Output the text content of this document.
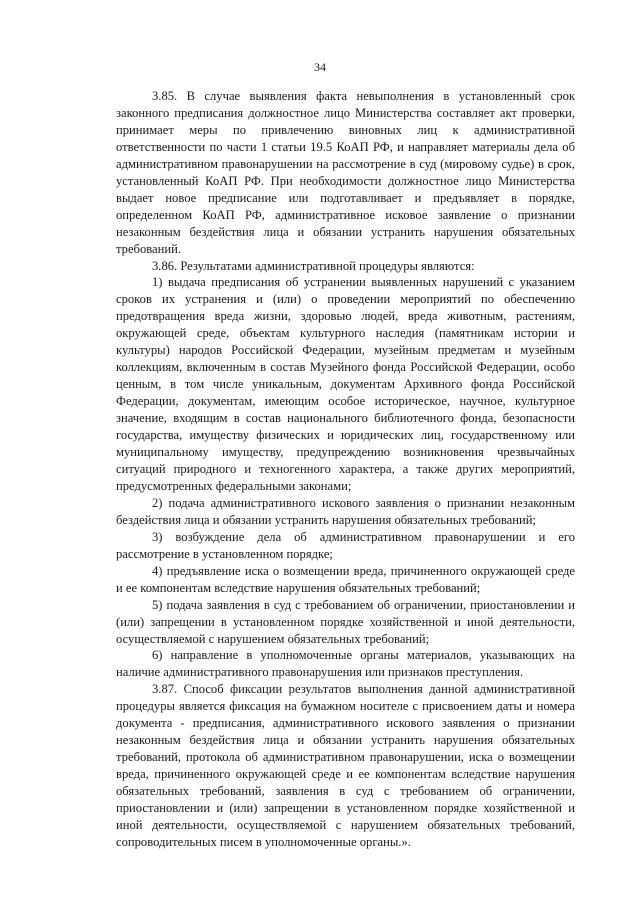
34

3.85. В случае выявления факта невыполнения в установленный срок законного предписания должностное лицо Министерства составляет акт проверки, принимает меры по привлечению виновных лиц к административной ответственности по части 1 статьи 19.5 КоАП РФ, и направляет материалы дела об административном правонарушении на рассмотрение в суд (мировому судье) в срок, установленный КоАП РФ. При необходимости должностное лицо Министерства выдает новое предписание или подготавливает и предъявляет в порядке, определенном КоАП РФ, административное исковое заявление о признании незаконным бездействия лица и обязании устранить нарушения обязательных требований.

3.86. Результатами административной процедуры являются:

1) выдача предписания об устранении выявленных нарушений с указанием сроков их устранения и (или) о проведении мероприятий по обеспечению предотвращения вреда жизни, здоровью людей, вреда животным, растениям, окружающей среде, объектам культурного наследия (памятникам истории и культуры) народов Российской Федерации, музейным предметам и музейным коллекциям, включенным в состав Музейного фонда Российской Федерации, особо ценным, в том числе уникальным, документам Архивного фонда Российской Федерации, документам, имеющим особое историческое, научное, культурное значение, входящим в состав национального библиотечного фонда, безопасности государства, имуществу физических и юридических лиц, государственному или муниципальному имуществу, предупреждению возникновения чрезвычайных ситуаций природного и техногенного характера, а также других мероприятий, предусмотренных федеральными законами;

2) подача административного искового заявления о признании незаконным бездействия лица и обязании устранить нарушения обязательных требований;

3) возбуждение дела об административном правонарушении и его рассмотрение в установленном порядке;

4) предъявление иска о возмещении вреда, причиненного окружающей среде и ее компонентам вследствие нарушения обязательных требований;

5) подача заявления в суд с требованием об ограничении, приостановлении и (или) запрещении в установленном порядке хозяйственной и иной деятельности, осуществляемой с нарушением обязательных требований;

6) направление в уполномоченные органы материалов, указывающих на наличие административного правонарушения или признаков преступления.

3.87. Способ фиксации результатов выполнения данной административной процедуры является фиксация на бумажном носителе с присвоением даты и номера документа - предписания, административного искового заявления о признании незаконным бездействия лица и обязании устранить нарушения обязательных требований, протокола об административном правонарушении, иска о возмещении вреда, причиненного окружающей среде и ее компонентам вследствие нарушения обязательных требований, заявления в суд с требованием об ограничении, приостановлении и (или) запрещении в установленном порядке хозяйственной и иной деятельности, осуществляемой с нарушением обязательных требований, сопроводительных писем в уполномоченные органы.».
